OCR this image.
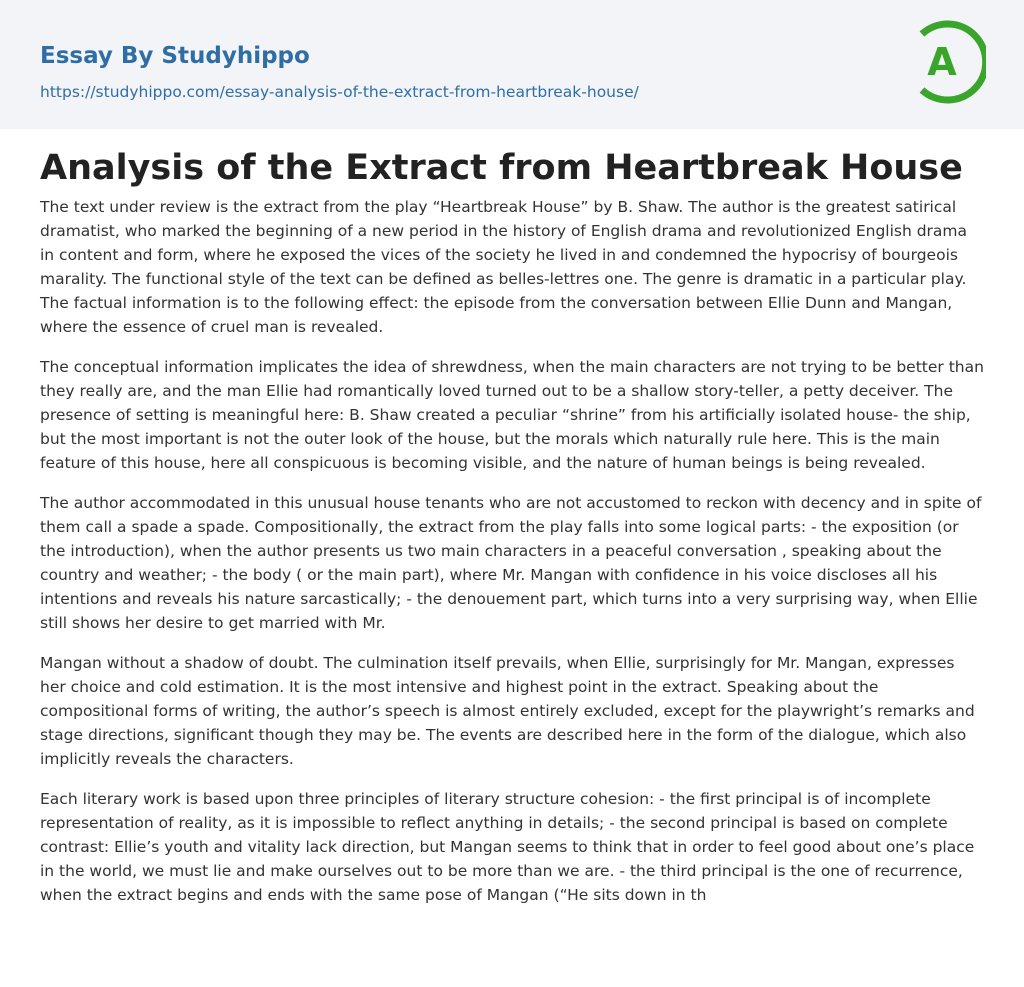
Essay By Studyhippo
https://studyhippo.com/essay-analysis-of-the-extract-from-heartbreak-house/
A
Analysis of the Extract from Heartbreak House

The text under review is the extract from the play “Heartbreak House” by B. Shaw. The author is the greatest satirical dramatist, who marked the beginning of a new period in the history of English drama and revolutionized English drama in content and form, where he exposed the vices of the society he lived in and condemned the hypocrisy of bourgeois marality. The functional style of the text can be defined as belles-lettres one. The genre is dramatic in a particular play. The factual information is to the following effect: the episode from the conversation between Ellie Dunn and Mangan, where the essence of cruel man is revealed.

The conceptual information implicates the idea of shrewdness, when the main characters are not trying to be better than they really are, and the man Ellie had romantically loved turned out to be a shallow story-teller, a petty deceiver. The presence of setting is meaningful here: B. Shaw created a peculiar “shrine” from his artificially isolated house- the ship, but the most important is not the outer look of the house, but the morals which naturally rule here. This is the main feature of this house, here all conspicuous is becoming visible, and the nature of human beings is being revealed.

The author accommodated in this unusual house tenants who are not accustomed to reckon with decency and in spite of them call a spade a spade. Compositionally, the extract from the play falls into some logical parts: - the exposition (or the introduction), when the author presents us two main characters in a peaceful conversation , speaking about the country and weather; - the body ( or the main part), where Mr. Mangan with confidence in his voice discloses all his intentions and reveals his nature sarcastically; - the denouement part, which turns into a very surprising way, when Ellie still shows her desire to get married with Mr.

Mangan without a shadow of doubt. The culmination itself prevails, when Ellie, surprisingly for Mr. Mangan, expresses her choice and cold estimation. It is the most intensive and highest point in the extract. Speaking about the compositional forms of writing, the author’s speech is almost entirely excluded, except for the playwright’s remarks and stage directions, significant though they may be. The events are described here in the form of the dialogue, which also implicitly reveals the characters.

Each literary work is based upon three principles of literary structure cohesion: - the first principal is of incomplete representation of reality, as it is impossible to reflect anything in details; - the second principal is based on complete contrast: Ellie’s youth and vitality lack direction, but Mangan seems to think that in order to feel good about one’s place in the world, we must lie and make ourselves out to be more than we are. - the third principal is the one of recurrence, when the extract begins and ends with the same pose of Mangan (“He sits down in th
